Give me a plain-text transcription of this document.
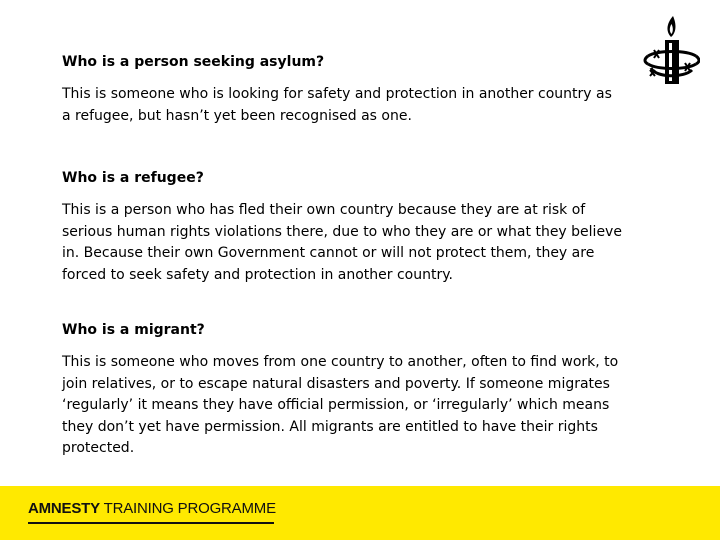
Who is a person seeking asylum?

This is someone who is looking for safety and protection in another country as a refugee, but hasn’t yet been recognised as one.

Who is a refugee?

This is a person who has fled their own country because they are at risk of serious human rights violations there, due to who they are or what they believe in. Because their own Government cannot or will not protect them, they are forced to seek safety and protection in another country.

Who is a migrant?

This is someone who moves from one country to another, often to find work, to join relatives, or to escape natural disasters and poverty. If someone migrates ‘regularly’ it means they have official permission, or ‘irregularly’ which means they don’t yet have permission. All migrants are entitled to have their rights protected.

AMNESTY TRAINING PROGRAMME
